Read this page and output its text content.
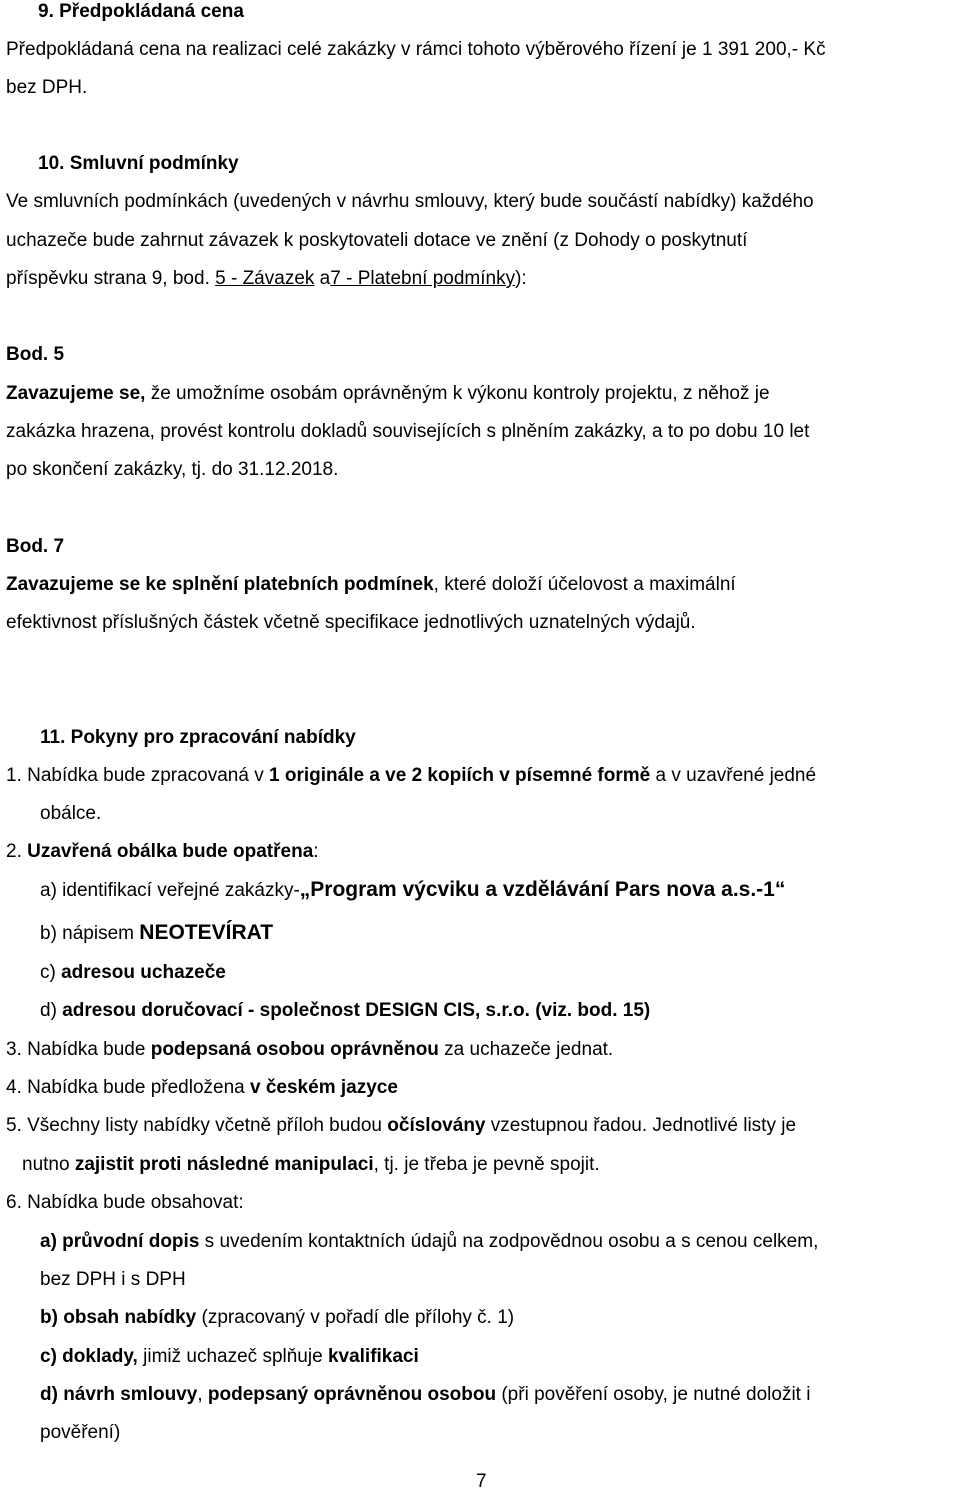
9. Předpokládaná cena
Předpokládaná cena na realizaci celé zakázky v rámci tohoto výběrového řízení je 1 391 200,- Kč
bez DPH.
10. Smluvní podmínky
Ve smluvních podmínkách (uvedených v návrhu smlouvy, který bude součástí nabídky) každého
uchazeče bude zahrnut závazek k poskytovateli dotace ve znění (z Dohody o poskytnutí
příspěvku strana 9, bod. 5 - Závazek a7 - Platební podmínky):
Bod. 5
Zavazujeme se, že umožníme osobám oprávněným k výkonu kontroly projektu, z něhož je
zakázka hrazena, provést kontrolu dokladů souvisejících s plněním zakázky, a to po dobu 10 let
po skončení zakázky, tj. do 31.12.2018.
Bod. 7
Zavazujeme se ke splnění platebních podmínek, které doloží účelovost a maximální
efektivnost příslušných částek včetně specifikace jednotlivých uznatelných výdajů.
11. Pokyny pro zpracování nabídky
1. Nabídka bude zpracovaná v 1 originále a ve 2 kopiích v písemné formě a v uzavřené jedné
obálce.
2. Uzavřená obálka bude opatřena:
a) identifikací veřejné zakázky-„Program výcviku a vzdělávání Pars nova a.s.-1“
b) nápisem NEOTEVÍRAT
c) adresou uchazeče
d) adresou doručovací - společnost DESIGN CIS, s.r.o. (viz. bod. 15)
3. Nabídka bude podepsaná osobou oprávněnou za uchazeče jednat.
4. Nabídka bude předložena v českém jazyce
5. Všechny listy nabídky včetně příloh budou očíslovány vzestupnou řadou. Jednotlivé listy je
nutno zajistit proti následné manipulaci, tj. je třeba je pevně spojit.
6. Nabídka bude obsahovat:
a) průvodní dopis s uvedením kontaktních údajů na zodpovědnou osobu a s cenou celkem,
bez DPH i s DPH
b) obsah nabídky (zpracovaný v pořadí dle přílohy č. 1)
c) doklady, jimiž uchazeč splňuje kvalifikaci
d) návrh smlouvy, podepsaný oprávněnou osobou (při pověření osoby, je nutné doložit i
pověření)
7
